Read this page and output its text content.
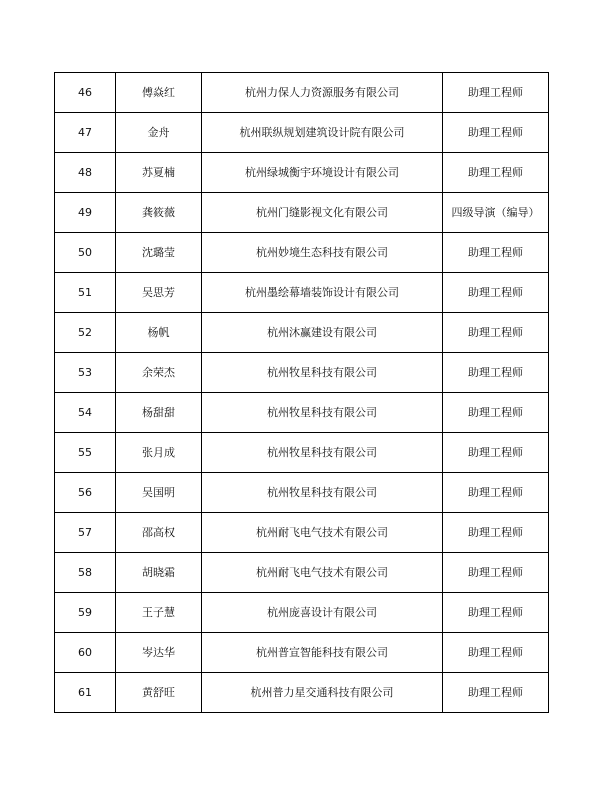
46	傅焱红	杭州力保人力资源服务有限公司	助理工程师
47	金舟	杭州联纵规划建筑设计院有限公司	助理工程师
48	苏夏楠	杭州绿城衡宇环境设计有限公司	助理工程师
49	龚筱薇	杭州门缝影视文化有限公司	四级导演（编导）
50	沈璐莹	杭州妙境生态科技有限公司	助理工程师
51	吴思芳	杭州墨绘幕墙装饰设计有限公司	助理工程师
52	杨帆	杭州沐赢建设有限公司	助理工程师
53	余荣杰	杭州牧星科技有限公司	助理工程师
54	杨甜甜	杭州牧星科技有限公司	助理工程师
55	张月成	杭州牧星科技有限公司	助理工程师
56	吴国明	杭州牧星科技有限公司	助理工程师
57	邵高权	杭州耐飞电气技术有限公司	助理工程师
58	胡晓霜	杭州耐飞电气技术有限公司	助理工程师
59	王子慧	杭州庞喜设计有限公司	助理工程师
60	岑达华	杭州普宣智能科技有限公司	助理工程师
61	黄舒旺	杭州普力星交通科技有限公司	助理工程师
